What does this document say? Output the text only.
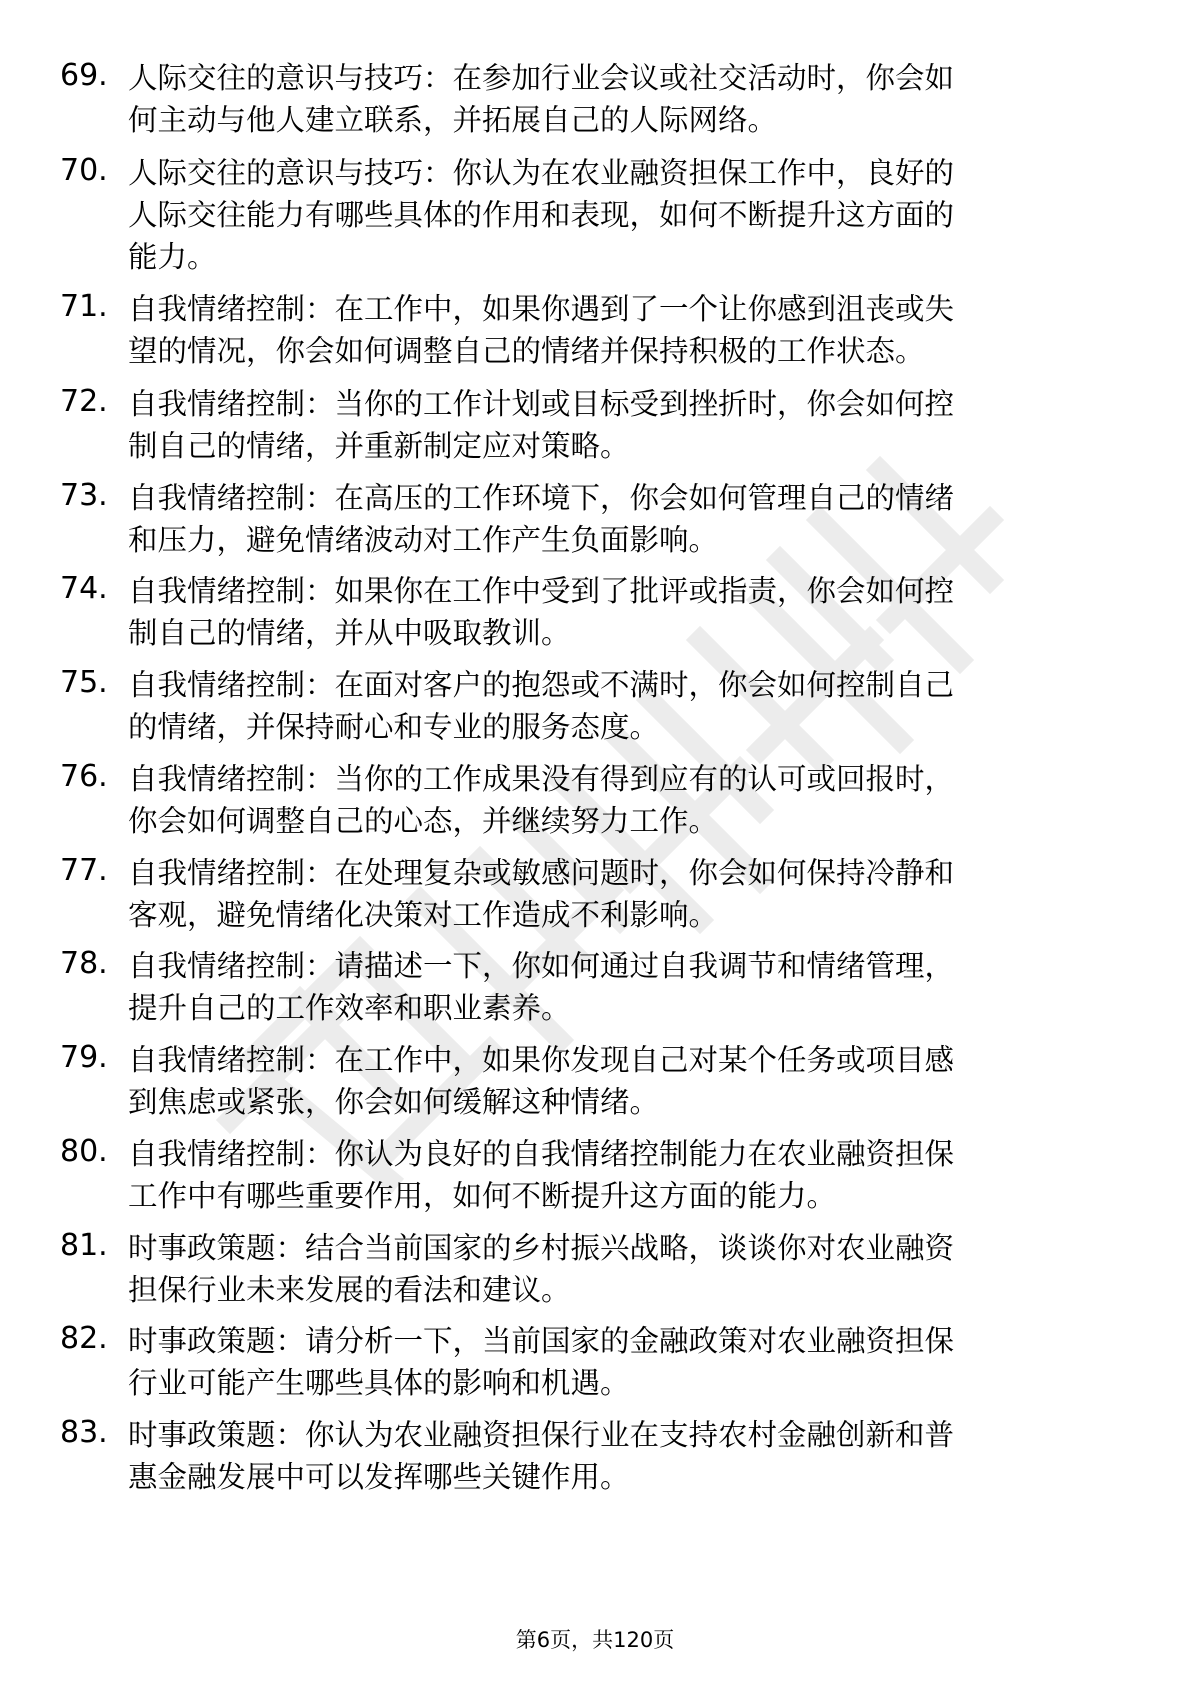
69. 人际交往的意识与技巧：在参加行业会议或社交活动时，你会如
何主动与他人建立联系，并拓展自己的人际网络。
70. 人际交往的意识与技巧：你认为在农业融资担保工作中，良好的
人际交往能力有哪些具体的作用和表现，如何不断提升这方面的
能力。
71. 自我情绪控制：在工作中，如果你遇到了一个让你感到沮丧或失
望的情况，你会如何调整自己的情绪并保持积极的工作状态。
72. 自我情绪控制：当你的工作计划或目标受到挫折时，你会如何控
制自己的情绪，并重新制定应对策略。
73. 自我情绪控制：在高压的工作环境下，你会如何管理自己的情绪
和压力，避免情绪波动对工作产生负面影响。
74. 自我情绪控制：如果你在工作中受到了批评或指责，你会如何控
制自己的情绪，并从中吸取教训。
75. 自我情绪控制：在面对客户的抱怨或不满时，你会如何控制自己
的情绪，并保持耐心和专业的服务态度。
76. 自我情绪控制：当你的工作成果没有得到应有的认可或回报时，
你会如何调整自己的心态，并继续努力工作。
77. 自我情绪控制：在处理复杂或敏感问题时，你会如何保持冷静和
客观，避免情绪化决策对工作造成不利影响。
78. 自我情绪控制：请描述一下，你如何通过自我调节和情绪管理，
提升自己的工作效率和职业素养。
79. 自我情绪控制：在工作中，如果你发现自己对某个任务或项目感
到焦虑或紧张，你会如何缓解这种情绪。
80. 自我情绪控制：你认为良好的自我情绪控制能力在农业融资担保
工作中有哪些重要作用，如何不断提升这方面的能力。
81. 时事政策题：结合当前国家的乡村振兴战略，谈谈你对农业融资
担保行业未来发展的看法和建议。
82. 时事政策题：请分析一下，当前国家的金融政策对农业融资担保
行业可能产生哪些具体的影响和机遇。
83. 时事政策题：你认为农业融资担保行业在支持农村金融创新和普
惠金融发展中可以发挥哪些关键作用。
第6页，共120页
